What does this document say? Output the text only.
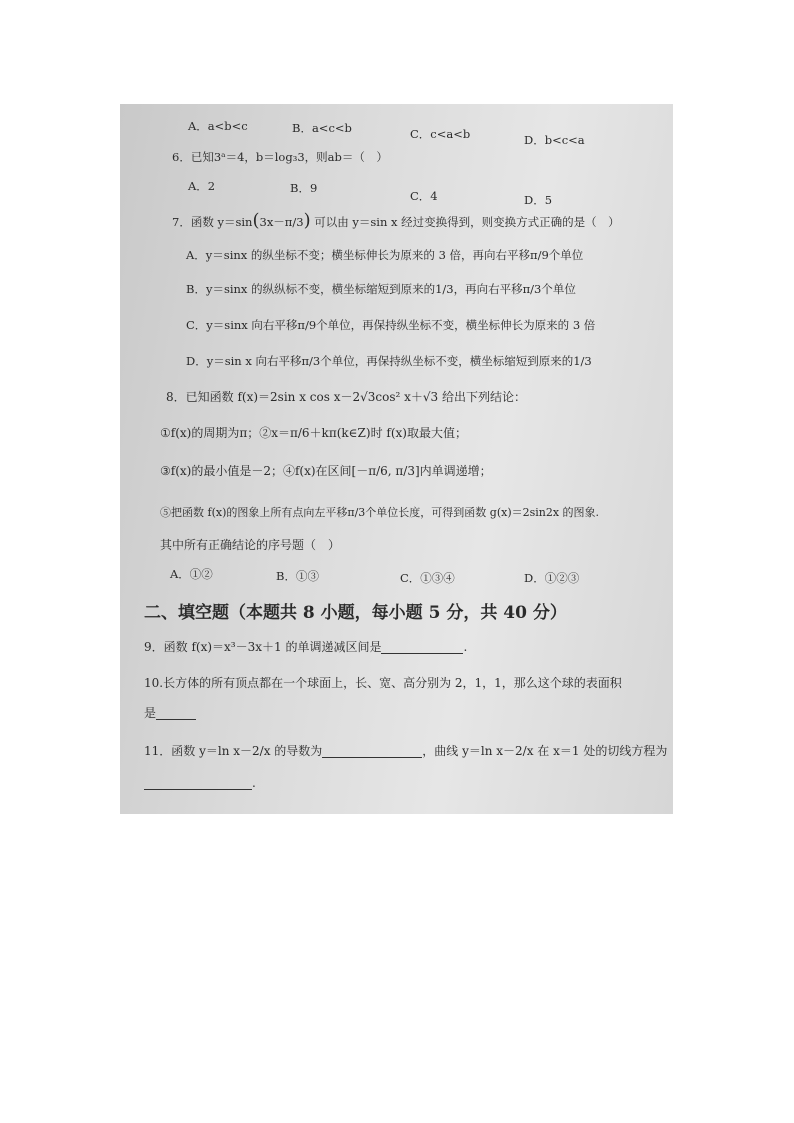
A．a<b<c	B．a<c<b	C．c<a<b	D．b<c<a
6．已知3ᵃ＝4，b＝log₃3，则ab＝（　）
A．2	B．9
C．4	D．5
7．函数 y＝sin(3x－π/3) 可以由 y＝sin x 经过变换得到，则变换方式正确的是（　）
A．y＝sinx 的纵坐标不变；横坐标伸长为原来的 3 倍，再向右平移π/9个单位
B．y＝sinx 的纵纵标不变，横坐标缩短到原来的1/3，再向右平移π/3个单位
C．y＝sinx 向右平移π/9个单位，再保持纵坐标不变，横坐标伸长为原来的 3 倍
D．y＝sin x 向右平移π/3个单位，再保持纵坐标不变，横坐标缩短到原来的1/3
8．已知函数 f(x)＝2sin x cos x－2√3cos² x＋√3 给出下列结论：
①f(x)的周期为π；②x＝π/6＋kπ(k∈Z)时 f(x)取最大值；
③f(x)的最小值是－2；④f(x)在区间[－π/6, π/3]内单调递增；
⑤把函数 f(x)的图象上所有点向左平移π/3个单位长度，可得到函数 g(x)＝2sin2x 的图象.
其中所有正确结论的序号题（　）
A．①②	B．①③	C．①③④	D．①②③
二、填空题（本题共 8 小题，每小题 5 分，共 40 分）
9．函数 f(x)＝x³－3x＋1 的单调递减区间是	.
10.长方体的所有顶点都在一个球面上，长、宽、高分别为 2，1，1，那么这个球的表面积
是
11．函数 y＝ln x－2/x 的导数为	，曲线 y＝ln x－2/x 在 x＝1 处的切线方程为
.
